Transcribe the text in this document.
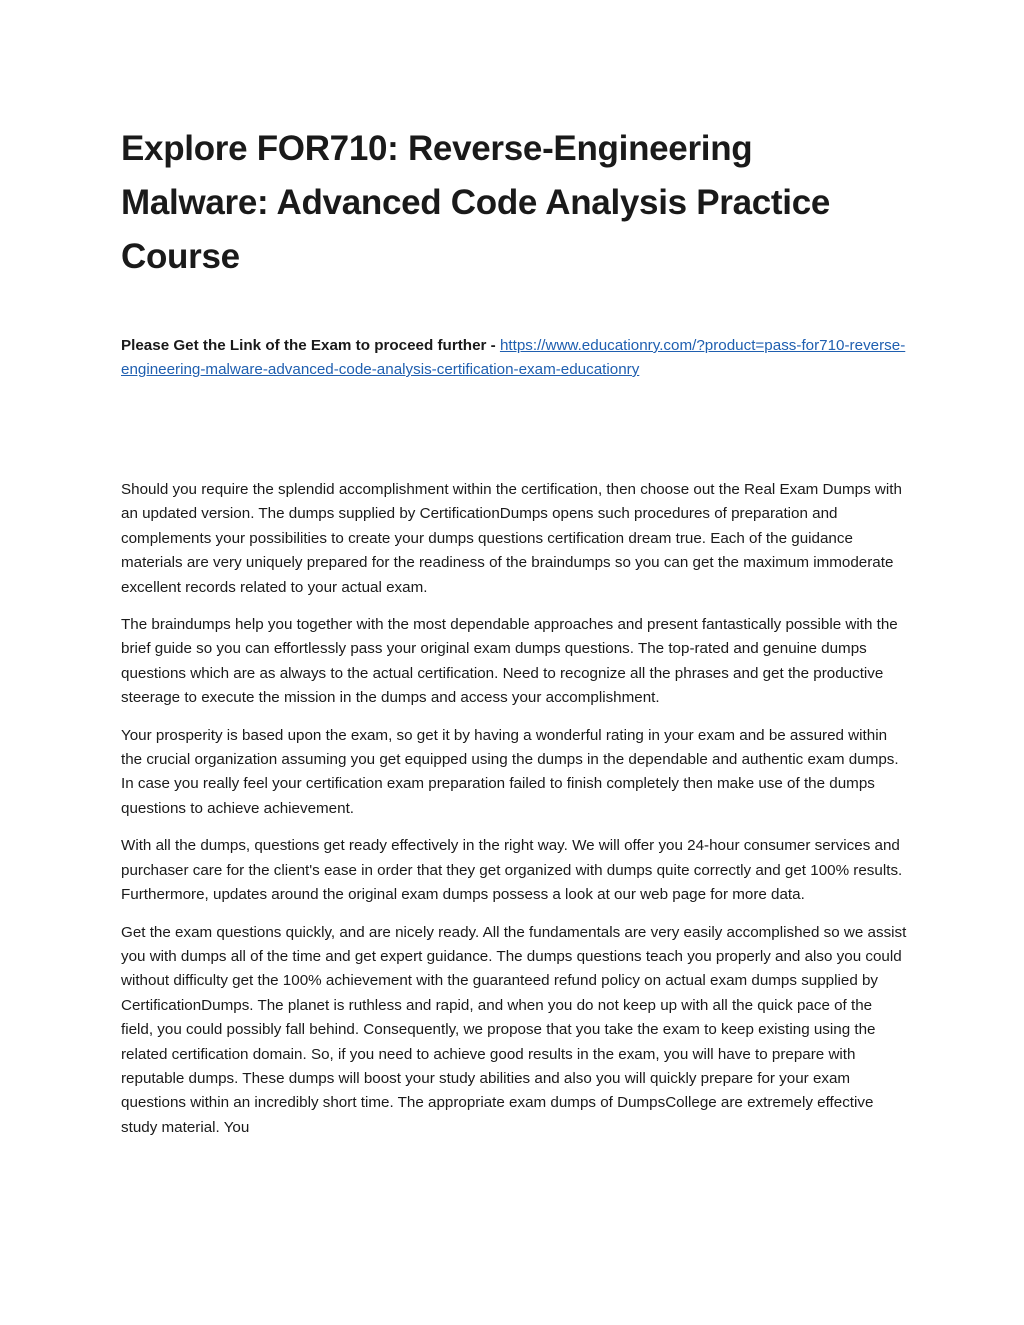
Explore FOR710: Reverse-Engineering Malware: Advanced Code Analysis Practice Course

Please Get the Link of the Exam to proceed further - https://www.educationry.com/?product=pass-for710-reverse-engineering-malware-advanced-code-analysis-certification-exam-educationry

Should you require the splendid accomplishment within the certification, then choose out the Real Exam Dumps with an updated version. The dumps supplied by CertificationDumps opens such procedures of preparation and complements your possibilities to create your dumps questions certification dream true. Each of the guidance materials are very uniquely prepared for the readiness of the braindumps so you can get the maximum immoderate excellent records related to your actual exam.

The braindumps help you together with the most dependable approaches and present fantastically possible with the brief guide so you can effortlessly pass your original exam dumps questions. The top-rated and genuine dumps questions which are as always to the actual certification. Need to recognize all the phrases and get the productive steerage to execute the mission in the dumps and access your accomplishment.

Your prosperity is based upon the exam, so get it by having a wonderful rating in your exam and be assured within the crucial organization assuming you get equipped using the dumps in the dependable and authentic exam dumps. In case you really feel your certification exam preparation failed to finish completely then make use of the dumps questions to achieve achievement.

With all the dumps, questions get ready effectively in the right way. We will offer you 24-hour consumer services and purchaser care for the client's ease in order that they get organized with dumps quite correctly and get 100% results. Furthermore, updates around the original exam dumps possess a look at our web page for more data.

Get the exam questions quickly, and are nicely ready. All the fundamentals are very easily accomplished so we assist you with dumps all of the time and get expert guidance. The dumps questions teach you properly and also you could without difficulty get the 100% achievement with the guaranteed refund policy on actual exam dumps supplied by CertificationDumps. The planet is ruthless and rapid, and when you do not keep up with all the quick pace of the field, you could possibly fall behind. Consequently, we propose that you take the exam to keep existing using the related certification domain. So, if you need to achieve good results in the exam, you will have to prepare with reputable dumps. These dumps will boost your study abilities and also you will quickly prepare for your exam questions within an incredibly short time. The appropriate exam dumps of DumpsCollege are extremely effective study material. You
